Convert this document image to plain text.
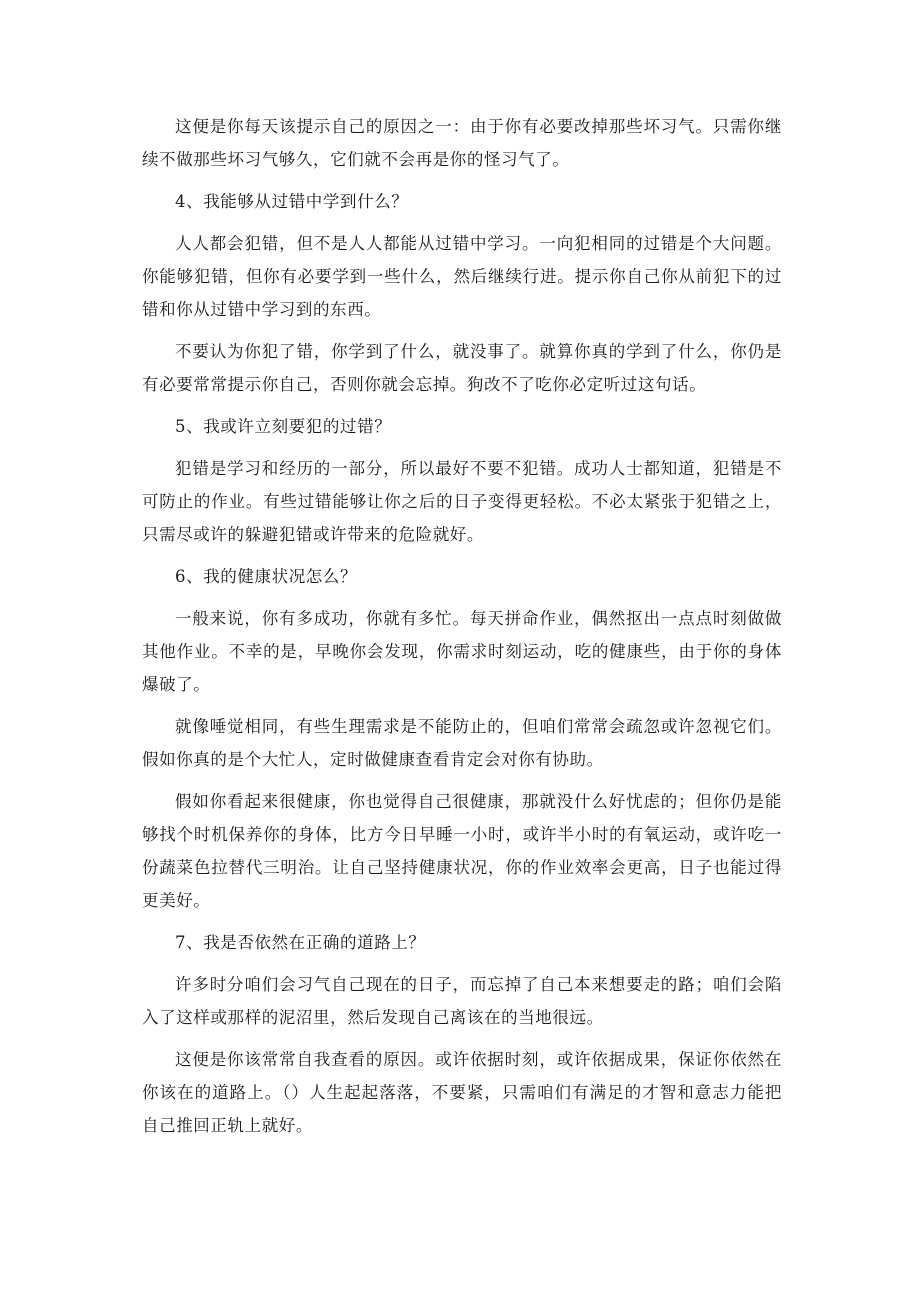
这便是你每天该提示自己的原因之一：由于你有必要改掉那些坏习气。只需你继续不做那些坏习气够久，它们就不会再是你的怪习气了。

4、我能够从过错中学到什么？

人人都会犯错，但不是人人都能从过错中学习。一向犯相同的过错是个大问题。你能够犯错，但你有必要学到一些什么，然后继续行进。提示你自己你从前犯下的过错和你从过错中学习到的东西。

不要认为你犯了错，你学到了什么，就没事了。就算你真的学到了什么，你仍是有必要常常提示你自己，否则你就会忘掉。狗改不了吃你必定听过这句话。

5、我或许立刻要犯的过错？

犯错是学习和经历的一部分，所以最好不要不犯错。成功人士都知道，犯错是不可防止的作业。有些过错能够让你之后的日子变得更轻松。不必太紧张于犯错之上，只需尽或许的躲避犯错或许带来的危险就好。

6、我的健康状况怎么？

一般来说，你有多成功，你就有多忙。每天拼命作业，偶然抠出一点点时刻做做其他作业。不幸的是，早晚你会发现，你需求时刻运动，吃的健康些，由于你的身体爆破了。

就像唾觉相同，有些生理需求是不能防止的，但咱们常常会疏忽或许忽视它们。假如你真的是个大忙人，定时做健康查看肯定会对你有协助。

假如你看起来很健康，你也觉得自己很健康，那就没什么好忧虑的；但你仍是能够找个时机保养你的身体，比方今日早睡一小时，或许半小时的有氧运动，或许吃一份蔬菜色拉替代三明治。让自己坚持健康状况，你的作业效率会更高，日子也能过得更美好。

7、我是否依然在正确的道路上？

许多时分咱们会习气自己现在的日子，而忘掉了自己本来想要走的路；咱们会陷入了这样或那样的泥沼里，然后发现自己离该在的当地很远。

这便是你该常常自我查看的原因。或许依据时刻，或许依据成果，保证你依然在你该在的道路上。（）人生起起落落，不要紧，只需咱们有满足的才智和意志力能把自己推回正轨上就好。
